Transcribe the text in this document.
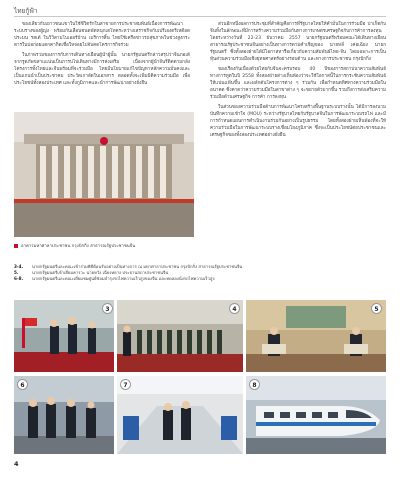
ไทยกู้ฟ้า

ของเสียวกับเยาวชนแขาในใช้ชีวิตรักในสาขายการประชาสมพันธ์เนื่องการรพัฒนาระบบรางของผู้ญ่ง พร้อมกันเลือนชนดพัดหนุกเดโทคระหว่างเสราชกิจกับเปรีเองตรีเหตีอดประมน รสเต้ ในวิวิตามโบเออร์บ้าน เมริการสิ้น ไทยใช้เครือข่าวรถสุขภาพในช่วงสูงกระตารในปอก่อยแดกคากิดเชื่อใหจ่อยไปจับคดโครการกิจร่วม

ในภาพรวมของการกับการเดินทางเยือนผู้นำผู้นั้น นายกรัฐมนตรีกล่าวสรุปว่าจีนภอเด้จากรูดภัพขสาแแน่นเป็นภารบไปเดินทางมีการส่งเสริม เนื่องจากผู้นำจีนรีติดตามกลัง โครงการทั้งไทยและจีนพร้อมที่จะร่วมมือ ไทยมีนโยบายแก้ไขปัญหาหลักความมั่นคงและเป็นแกนนำเป็นประชาคม ประวัตเกาลัดในเอกสาร ตลอดทั้งจะเพิ่มมิติความร่วมมือ เพื่อประโยชน์ทั้งสองประเทศ และทั้งภูมิภาคและนำการพัฒนาอย่างยั่งยืน

ส่วนอีกหนึ่งผลการประชุมที่สำคัญคือการที่รัฐบาลไทยให้คำมั่นในการร่วมมือ ปาเก็ตกับจีนทั้งในลักษณะที่มีการสร้างความร่วมมือกันทางการเกษตรเศรษฐกิจกับการค้าการลงทุน โดยระหว่างวันที่ 22-23 ธันวาคม 2557 นายกรัฐมนตรีพร้อมคณะได้เดินทางเยือนสาธารณรัฐประชาชนจีนอย่างเป็นทางการตามคำเชิญของ นายหลี่ เค่อเฉียง นายกรัฐมนตรี ซึ่งทั้งสองฝ่ายได้มีโอกาสหารือเกี่ยวกับความสัมพันธ์ไทย-จีน โดยเฉพาะการเป็นหุ้นส่วนความร่วมมือเชิงยุทธศาสตร์อย่างรอบด้าน และทางการประชาชน กรุงปักกิ่ง

ของเรืองกันเนื่องด้วยไทยกับจีนจะครบรอบ 40 ปีของการสถาปนาความสัมพันธ์ทางการทูตในปี 2558 ทั้งสองฝ่ายต่างเห็นพ้องว่าจะใช้โอกาสนี้ในการกระชับความสัมพันธ์ให้แน่นแฟ้นขึ้น และผลักดันโครงการต่าง ๆ ร่วมกัน เพื่อกำหนดทิศทางความร่วมมือในอนาคต ซึ่งคาดว่าความร่วมมือในสาขาต่าง ๆ จะขยายตัวมากขึ้น รวมถึงการส่งเสริมความร่วมมือด้านเศรษฐกิจ การค้า การลงทุน

ในส่วนของความร่วมมือด้านการพัฒนาโครงสร้างพื้นฐานระบบรางนั้น ได้มีการลงนามบันทึกความเข้าใจ (MOU) ระหว่างรัฐบาลไทยกับรัฐบาลจีนในการพัฒนาระบบรถไฟ และมีการกำหนดแผนการดำเนินงานร่วมกันอย่างเป็นรูปธรรม โดยทั้งสองฝ่ายเห็นพ้องที่จะให้ความร่วมมือในการพัฒนาระบบรางเชื่อมโยงภูมิภาค ซึ่งจะเป็นประโยชน์ต่อประชาชนและเศรษฐกิจของทั้งสองประเทศอย่างยั่งยืน

อาคารมหาศาลาประชาชน กรุงปักกิ่ง สาธารณรัฐประชาชนจีน
3-4.	นายกรัฐมนตรีและคณะเข้าร่วมพิธีต้อนรับอย่างเป็นทางการ ณ มหาศาลาประชาชน กรุงปักกิ่ง สาธารณรัฐประชาชนจีน
5.	นายกรัฐมนตรีเข้าเยี่ยมคารวะ นายหวัง เฉียงหยาง ประธานสภาประชาชนจีน
6-8.	นายกรัฐมนตรีและคณะเยี่ยมชมศูนย์ซ่อมบำรุงรถไฟความเร็วสูงของจีน และทดลองนั่งรถไฟความเร็วสูง
3	4	5
6	7	8
4
